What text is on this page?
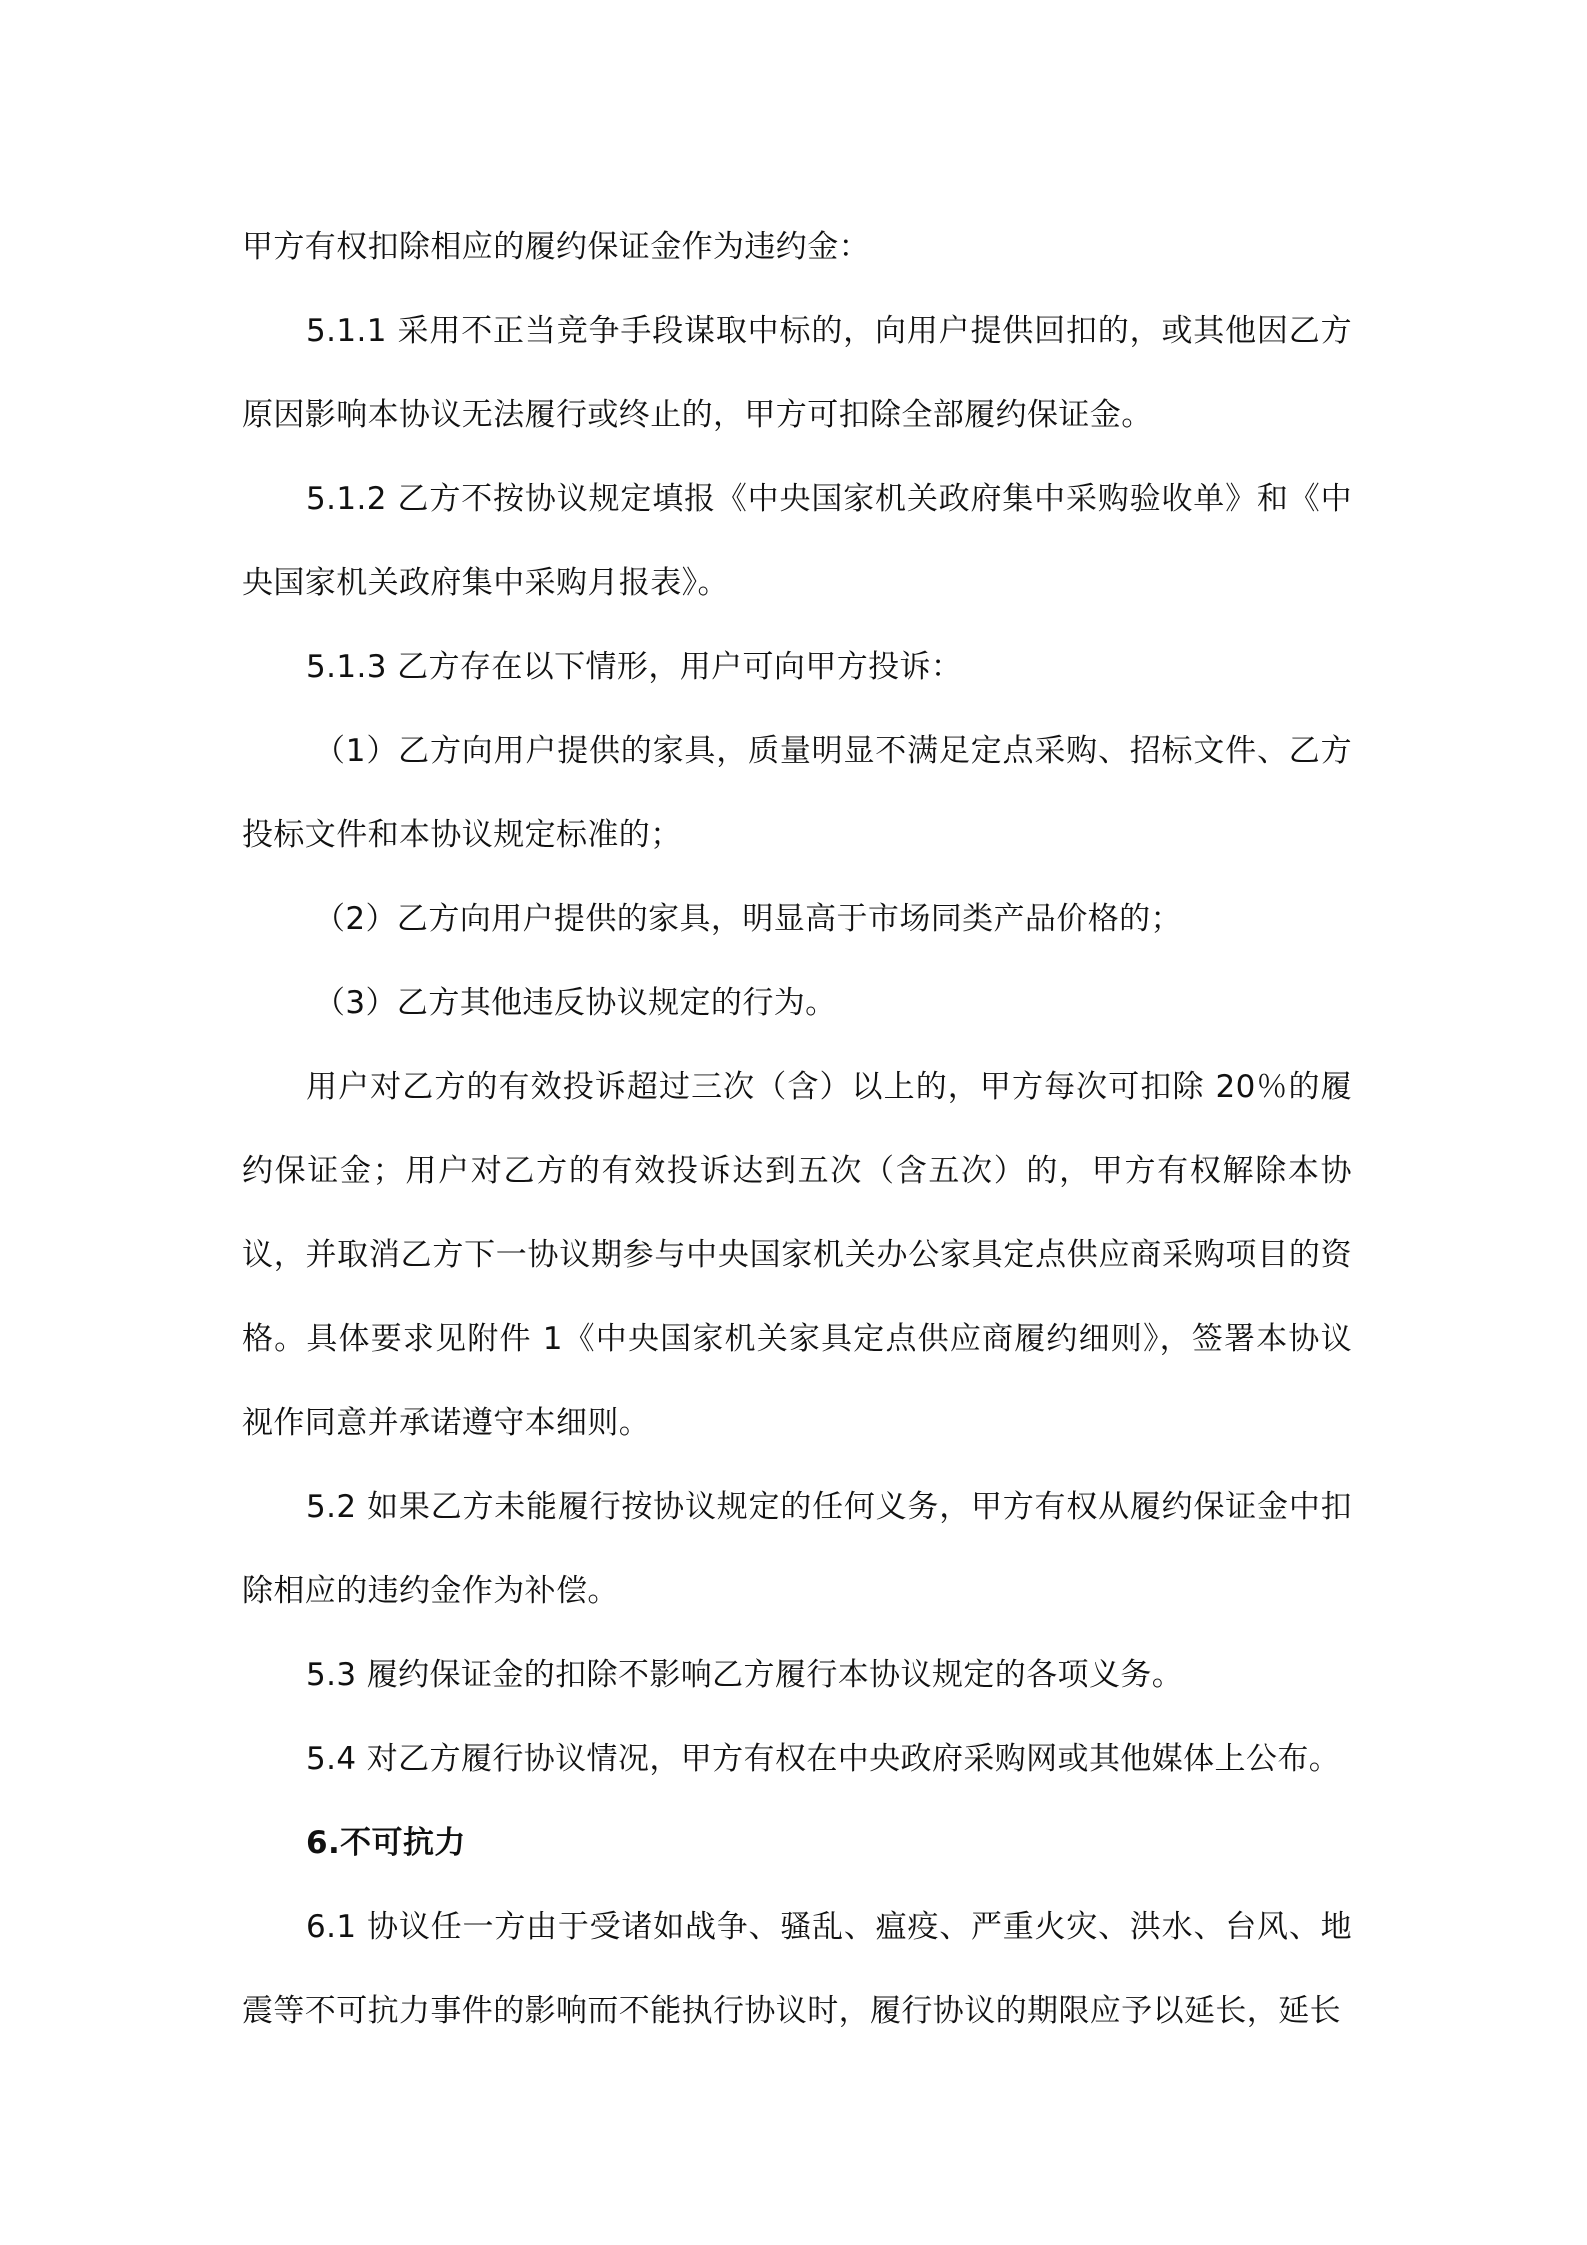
甲方有权扣除相应的履约保证金作为违约金：

5.1.1 采用不正当竞争手段谋取中标的，向用户提供回扣的，或其他因乙方原因影响本协议无法履行或终止的，甲方可扣除全部履约保证金。

5.1.2 乙方不按协议规定填报《中央国家机关政府集中采购验收单》和《中央国家机关政府集中采购月报表》。

5.1.3 乙方存在以下情形，用户可向甲方投诉：

（1）乙方向用户提供的家具，质量明显不满足定点采购、招标文件、乙方投标文件和本协议规定标准的；

（2）乙方向用户提供的家具，明显高于市场同类产品价格的；

（3）乙方其他违反协议规定的行为。

用户对乙方的有效投诉超过三次（含）以上的，甲方每次可扣除 20％的履约保证金；用户对乙方的有效投诉达到五次（含五次）的，甲方有权解除本协议，并取消乙方下一协议期参与中央国家机关办公家具定点供应商采购项目的资格。具体要求见附件 1《中央国家机关家具定点供应商履约细则》，签署本协议视作同意并承诺遵守本细则。

5.2 如果乙方未能履行按协议规定的任何义务，甲方有权从履约保证金中扣除相应的违约金作为补偿。

5.3 履约保证金的扣除不影响乙方履行本协议规定的各项义务。

5.4 对乙方履行协议情况，甲方有权在中央政府采购网或其他媒体上公布。

6.不可抗力

6.1 协议任一方由于受诸如战争、骚乱、瘟疫、严重火灾、洪水、台风、地震等不可抗力事件的影响而不能执行协议时，履行协议的期限应予以延长，延长
